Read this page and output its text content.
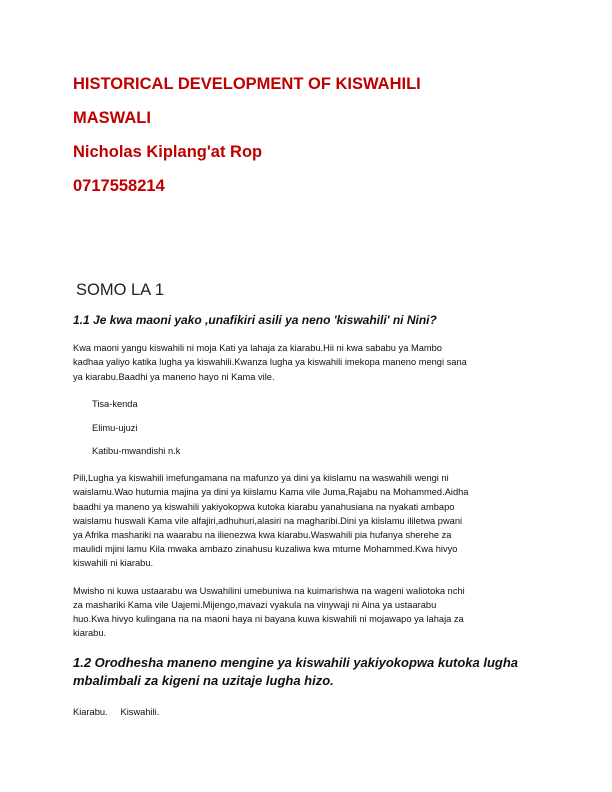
HISTORICAL DEVELOPMENT OF KISWAHILI
MASWALI
Nicholas Kiplang'at Rop
0717558214
SOMO LA 1
1.1 Je kwa maoni yako ,unafikiri asili ya neno 'kiswahili' ni Nini?
Kwa maoni yangu kiswahili ni moja Kati ya lahaja za kiarabu.Hii ni kwa sababu ya Mambo
kadhaa yaliyo katika lugha ya kiswahili.Kwanza lugha ya kiswahili imekopa maneno mengi sana
ya kiarabu.Baadhi ya maneno hayo ni Kama vile.
Tisa-kenda
Elimu-ujuzi
Katibu-mwandishi n.k
Pili,Lugha ya kiswahili imefungamana na mafunzo ya dini ya kiislamu na waswahili wengi ni
waislamu.Wao hutumia majina ya dini ya kiislamu Kama vile Juma,Rajabu na Mohammed.Aidha
baadhi ya maneno ya kiswahili yakiyokopwa kutoka kiarabu yanahusiana na nyakati ambapo
waislamu huswali Kama vile alfajiri,adhuhuri,alasiri na magharibi.Dini ya kiislamu ililetwa pwani
ya Afrika mashariki na waarabu na ilienezwa kwa kiarabu.Waswahili pia hufanya sherehe za
maulidi mjini lamu Kila mwaka ambazo zinahusu kuzaliwa kwa mtume Mohammed.Kwa hivyo
kiswahili ni kiarabu.
Mwisho ni kuwa ustaarabu wa Uswahilini umebuniwa na kuimarishwa na wageni waliotoka nchi
za mashariki Kama vile Uajemi.Mijengo,mavazi vyakula na vinywaji ni Aina ya ustaarabu
huo.Kwa hivyo kulingana na na maoni haya ni bayana kuwa kiswahili ni mojawapo ya lahaja za
kiarabu.
1.2 Orodhesha maneno mengine ya kiswahili yakiyokopwa kutoka lugha
mbalimbali za kigeni na uzitaje lugha hizo.
Kiarabu.     Kiswahili.
